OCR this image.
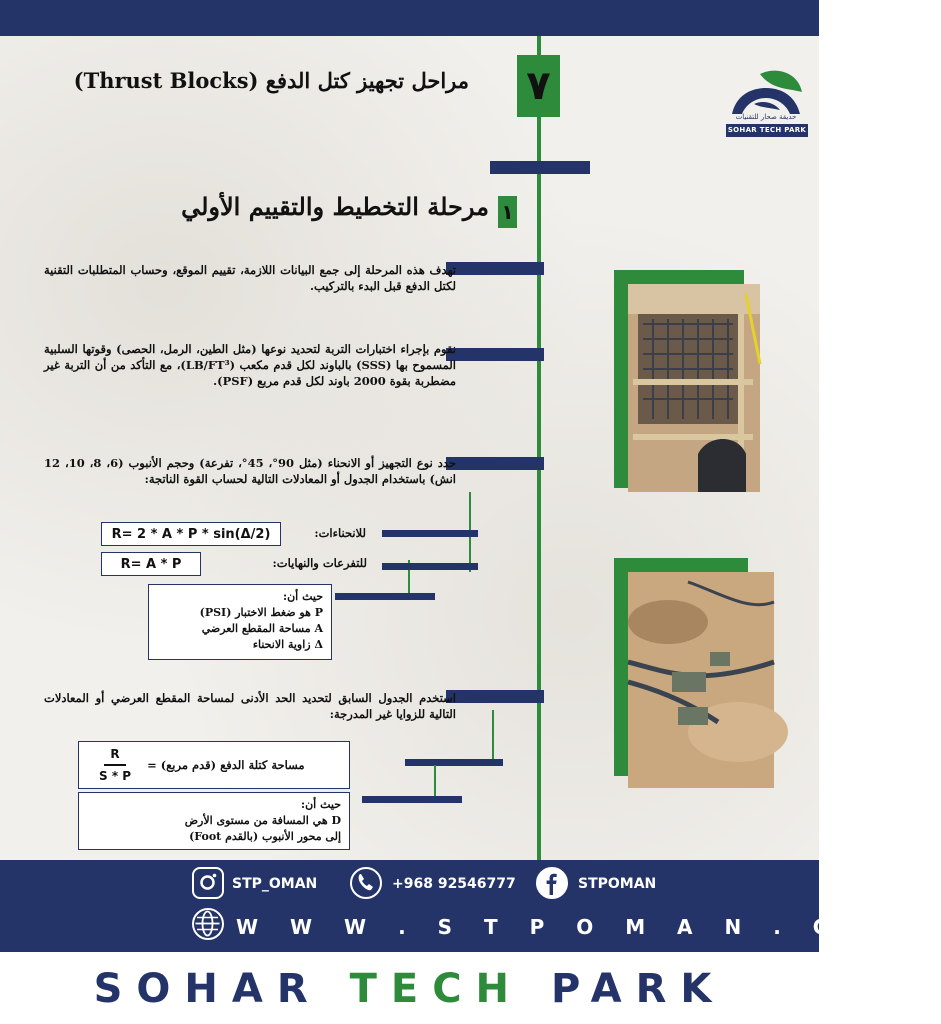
٧
مراحل تجهيز كتل الدفع (Thrust Blocks)
حديقة صحار للتقنيات
SOHAR TECH PARK
١
مرحلة التخطيط والتقييم الأولي
تهدف هذه المرحلة إلى جمع البيانات اللازمة، تقييم الموقع، وحساب المتطلبات التقنية لكتل الدفع قبل البدء بالتركيب.
نقوم بإجراء اختبارات التربة لتحديد نوعها (مثل الطين، الرمل، الحصى) وقوتها السلبية المسموح بها (SSS) بالباوند لكل قدم مكعب (LB/FT³)، مع التأكد من أن التربة غير مضطربة بقوة 2000 باوند لكل قدم مربع (PSF).
حدد نوع التجهيز أو الانحناء (مثل 90°، 45°، تفرعة) وحجم الأنبوب (6، 8، 10، 12 انش) باستخدام الجدول أو المعادلات التالية لحساب القوة الناتجة:
R= 2 * A * P * sin(Δ/2)	للانحناءات:
R= A * P	للتفرعات والنهايات:
حيث أن:
P هو ضغط الاختبار (PSI)
A مساحة المقطع العرضي
Δ زاوية الانحناء
استخدم الجدول السابق لتحديد الحد الأدنى لمساحة المقطع العرضي أو المعادلات التالية للزوايا غير المدرجة:
$\frac{R}{S * P}$ مساحة كتلة الدفع (قدم مربع) =
حيث أن:
D هي المسافة من مستوى الأرض
إلى محور الأنبوب (بالقدم Foot)
STP_OMAN	+968 92546777	STPOMAN
W W W . S T P O M A N . C O M
SOHAR TECH PARK
